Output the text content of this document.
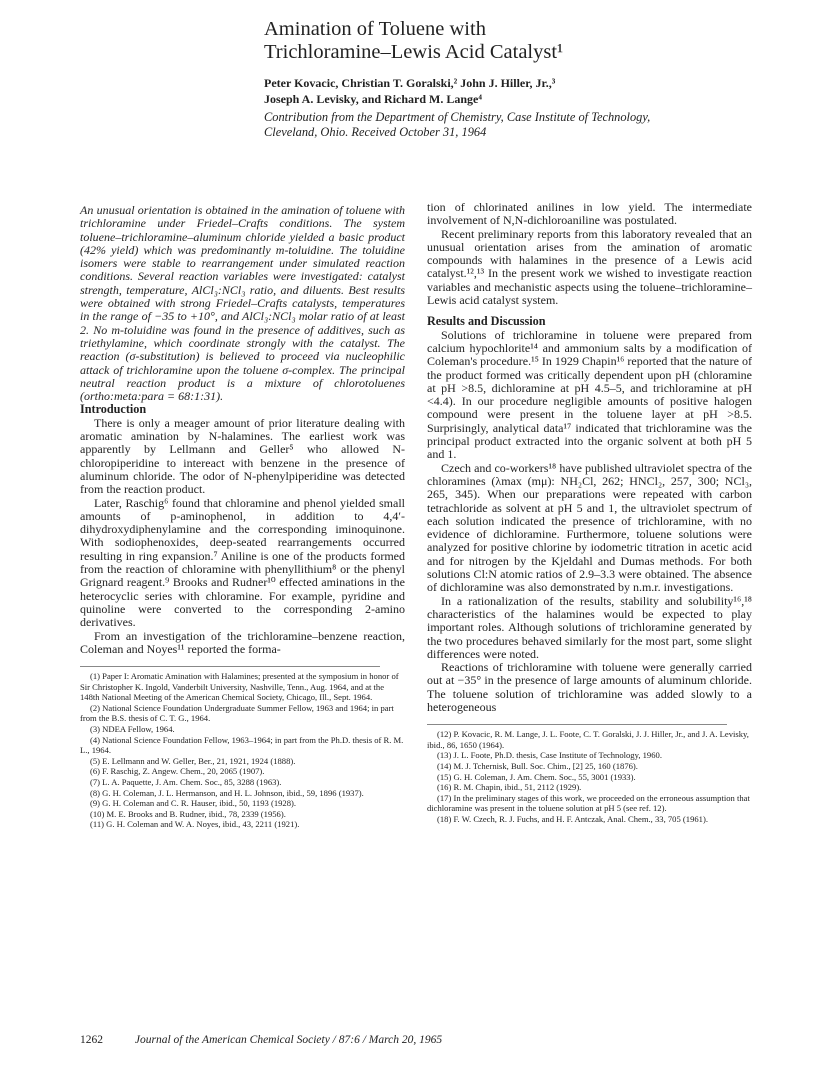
Amination of Toluene with
Trichloramine–Lewis Acid Catalyst¹
Peter Kovacic, Christian T. Goralski,² John J. Hiller, Jr.,³
Joseph A. Levisky, and Richard M. Lange⁴
Contribution from the Department of Chemistry, Case Institute of Technology,
Cleveland, Ohio. Received October 31, 1964

An unusual orientation is obtained in the amination of toluene with trichloramine under Friedel–Crafts conditions. The system toluene–trichloramine–aluminum chloride yielded a basic product (42% yield) which was predominantly m-toluidine. The toluidine isomers were stable to rearrangement under simulated reaction conditions. Several reaction variables were investigated: catalyst strength, temperature, AlCl₃:NCl₃ ratio, and diluents. Best results were obtained with strong Friedel–Crafts catalysts, temperatures in the range of −35 to +10°, and AlCl₃:NCl₃ molar ratio of at least 2. No m-toluidine was found in the presence of additives, such as triethylamine, which coordinate strongly with the catalyst. The reaction (σ-substitution) is believed to proceed via nucleophilic attack of trichloramine upon the toluene σ-complex. The principal neutral reaction product is a mixture of chlorotoluenes (ortho:meta:para = 68:1:31).

Introduction

There is only a meager amount of prior literature dealing with aromatic amination by N-halamines. The earliest work was apparently by Lellmann and Geller⁵ who allowed N-chloropiperidine to intereact with benzene in the presence of aluminum chloride. The odor of N-phenylpiperidine was detected from the reaction product.

Later, Raschig⁶ found that chloramine and phenol yielded small amounts of p-aminophenol, in addition to 4,4′-dihydroxydiphenylamine and the corresponding iminoquinone. With sodiophenoxides, deep-seated rearrangements occurred resulting in ring expansion.⁷ Aniline is one of the products formed from the reaction of chloramine with phenyllithium⁸ or the phenyl Grignard reagent.⁹ Brooks and Rudner¹⁰ effected aminations in the heterocyclic series with chloramine. For example, pyridine and quinoline were converted to the corresponding 2-amino derivatives.

From an investigation of the trichloramine–benzene reaction, Coleman and Noyes¹¹ reported the forma-

(1) Paper I: Aromatic Amination with Halamines; presented at the symposium in honor of Sir Christopher K. Ingold, Vanderbilt University, Nashville, Tenn., Aug. 1964, and at the 148th National Meeting of the American Chemical Society, Chicago, Ill., Sept. 1964.
(2) National Science Foundation Undergraduate Summer Fellow, 1963 and 1964; in part from the B.S. thesis of C. T. G., 1964.
(3) NDEA Fellow, 1964.
(4) National Science Foundation Fellow, 1963–1964; in part from the Ph.D. thesis of R. M. L., 1964.
(5) E. Lellmann and W. Geller, Ber., 21, 1921, 1924 (1888).
(6) F. Raschig, Z. Angew. Chem., 20, 2065 (1907).
(7) L. A. Paquette, J. Am. Chem. Soc., 85, 3288 (1963).
(8) G. H. Coleman, J. L. Hermanson, and H. L. Johnson, ibid., 59, 1896 (1937).
(9) G. H. Coleman and C. R. Hauser, ibid., 50, 1193 (1928).
(10) M. E. Brooks and B. Rudner, ibid., 78, 2339 (1956).
(11) G. H. Coleman and W. A. Noyes, ibid., 43, 2211 (1921).

tion of chlorinated anilines in low yield. The intermediate involvement of N,N-dichloroaniline was postulated.

Recent preliminary reports from this laboratory revealed that an unusual orientation arises from the amination of aromatic compounds with halamines in the presence of a Lewis acid catalyst.¹²,¹³ In the present work we wished to investigate reaction variables and mechanistic aspects using the toluene–trichloramine–Lewis acid catalyst system.

Results and Discussion

Solutions of trichloramine in toluene were prepared from calcium hypochlorite¹⁴ and ammonium salts by a modification of Coleman's procedure.¹⁵ In 1929 Chapin¹⁶ reported that the nature of the product formed was critically dependent upon pH (chloramine at pH >8.5, dichloramine at pH 4.5–5, and trichloramine at pH <4.4). In our procedure negligible amounts of positive halogen compound were present in the toluene layer at pH >8.5. Surprisingly, analytical data¹⁷ indicated that trichloramine was the principal product extracted into the organic solvent at both pH 5 and 1.

Czech and co-workers¹⁸ have published ultraviolet spectra of the chloramines (λmax (mμ): NH₂Cl, 262; HNCl₂, 257, 300; NCl₃, 265, 345). When our preparations were repeated with carbon tetrachloride as solvent at pH 5 and 1, the ultraviolet spectrum of each solution indicated the presence of trichloramine, with no evidence of dichloramine. Furthermore, toluene solutions were analyzed for positive chlorine by iodometric titration in acetic acid and for nitrogen by the Kjeldahl and Dumas methods. For both solutions Cl:N atomic ratios of 2.9–3.3 were obtained. The absence of dichloramine was also demonstrated by n.m.r. investigations.

In a rationalization of the results, stability and solubility¹⁶,¹⁸ characteristics of the halamines would be expected to play important roles. Although solutions of trichloramine generated by the two procedures behaved similarly for the most part, some slight differences were noted.

Reactions of trichloramine with toluene were generally carried out at −35° in the presence of large amounts of aluminum chloride. The toluene solution of trichloramine was added slowly to a heterogeneous

(12) P. Kovacic, R. M. Lange, J. L. Foote, C. T. Goralski, J. J. Hiller, Jr., and J. A. Levisky, ibid., 86, 1650 (1964).
(13) J. L. Foote, Ph.D. thesis, Case Institute of Technology, 1960.
(14) M. J. Tchernisk, Bull. Soc. Chim., [2] 25, 160 (1876).
(15) G. H. Coleman, J. Am. Chem. Soc., 55, 3001 (1933).
(16) R. M. Chapin, ibid., 51, 2112 (1929).
(17) In the preliminary stages of this work, we proceeded on the erroneous assumption that dichloramine was present in the toluene solution at pH 5 (see ref. 12).
(18) F. W. Czech, R. J. Fuchs, and H. F. Antczak, Anal. Chem., 33, 705 (1961).
1262	Journal of the American Chemical Society / 87:6 / March 20, 1965
